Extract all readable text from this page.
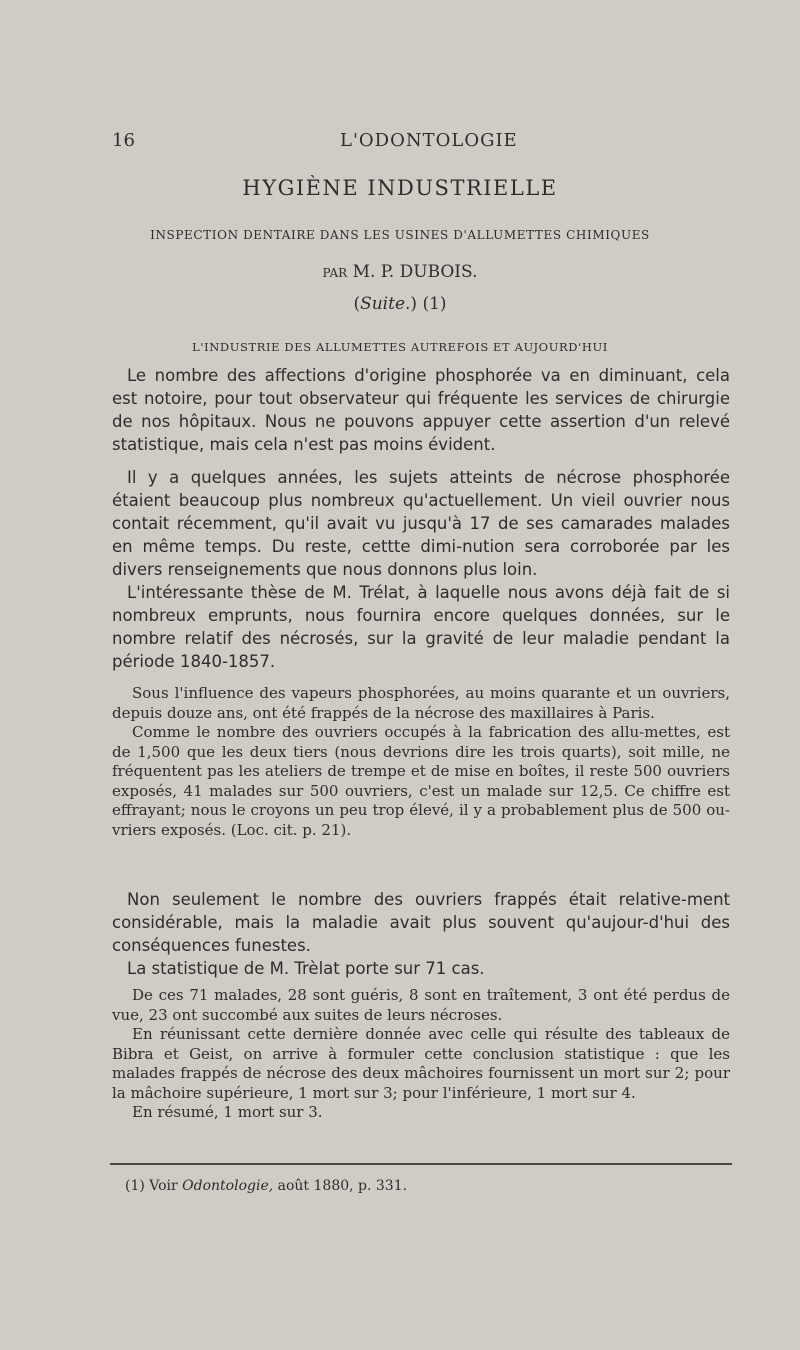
16	L'ODONTOLOGIE
HYGIÈNE INDUSTRIELLE
INSPECTION DENTAIRE DANS LES USINES D'ALLUMETTES CHIMIQUES
PAR M. P. DUBOIS.
(Suite.) (1)
L'INDUSTRIE DES ALLUMETTES AUTREFOIS ET AUJOURD'HUI

Le nombre des affections d'origine phosphorée va en diminuant, cela est notoire, pour tout observateur qui fréquente les services de chirurgie de nos hôpitaux. Nous ne pouvons appuyer cette assertion d'un relevé statistique, mais cela n'est pas moins évident.

Il y a quelques années, les sujets atteints de nécrose phosphorée étaient beaucoup plus nombreux qu'actuellement. Un vieil ouvrier nous contait récemment, qu'il avait vu jusqu'à 17 de ses camarades malades en même temps. Du reste, cettte dimi-nution sera corroborée par les divers renseignements que nous donnons plus loin.

L'intéressante thèse de M. Trélat, à laquelle nous avons déjà fait de si nombreux emprunts, nous fournira encore quelques données, sur le nombre relatif des nécrosés, sur la gravité de leur maladie pendant la période 1840-1857.

Sous l'influence des vapeurs phosphorées, au moins quarante et un ouvriers, depuis douze ans, ont été frappés de la nécrose des maxillaires à Paris.

Comme le nombre des ouvriers occupés à la fabrication des allu-mettes, est de 1,500 que les deux tiers (nous devrions dire les trois quarts), soit mille, ne fréquentent pas les ateliers de trempe et de mise en boîtes, il reste 500 ouvriers exposés, 41 malades sur 500 ouvriers, c'est un malade sur 12,5. Ce chiffre est effrayant; nous le croyons un peu trop élevé, il y a probablement plus de 500 ou-vriers exposés. (Loc. cit. p. 21).

Non seulement le nombre des ouvriers frappés était relative-ment considérable, mais la maladie avait plus souvent qu'aujour-d'hui des conséquences funestes.

La statistique de M. Trèlat porte sur 71 cas.

De ces 71 malades, 28 sont guéris, 8 sont en traîtement, 3 ont été perdus de vue, 23 ont succombé aux suites de leurs nécroses.

En réunissant cette dernière donnée avec celle qui résulte des tableaux de Bibra et Geist, on arrive à formuler cette conclusion statistique : que les malades frappés de nécrose des deux mâchoires fournissent un mort sur 2; pour la mâchoire supérieure, 1 mort sur 3; pour l'inférieure, 1 mort sur 4.

En résumé, 1 mort sur 3.

(1) Voir Odontologie, août 1880, p. 331.
